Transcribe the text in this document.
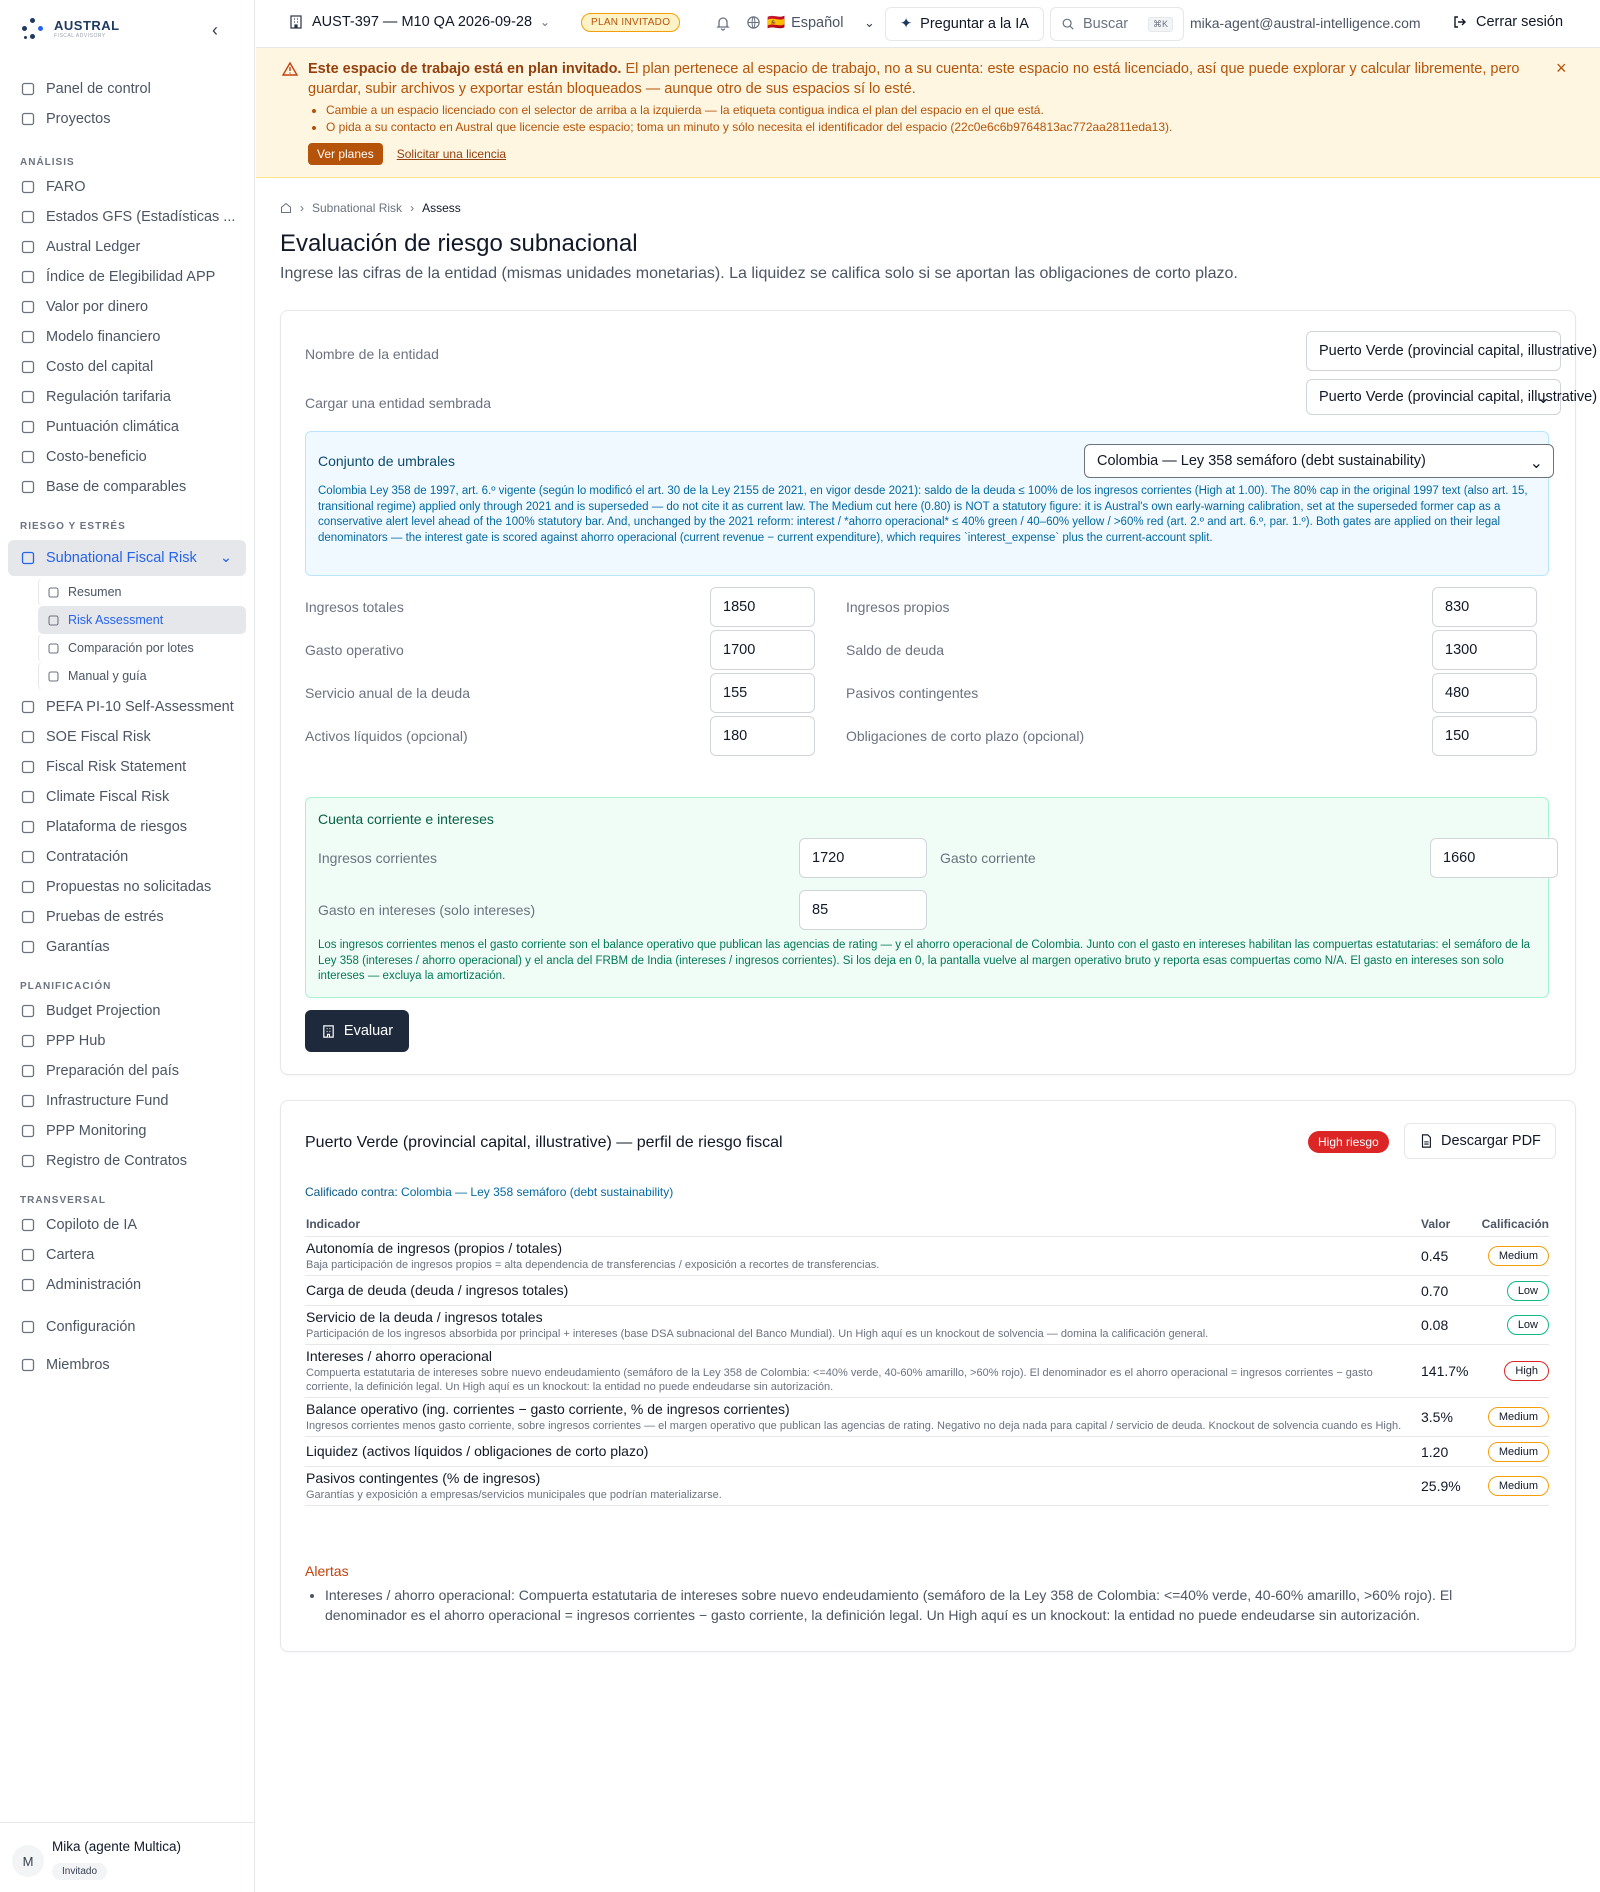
AUSTRAL
FISCAL ADVISORY	‹
Panel de control
Proyectos
ANÁLISIS
FARO
Estados GFS (Estadísticas ...
Austral Ledger
Índice de Elegibilidad APP
Valor por dinero
Modelo financiero
Costo del capital
Regulación tarifaria
Puntuación climática
Costo-beneficio
Base de comparables
RIESGO Y ESTRÉS
Subnational Fiscal Risk	⌄
Resumen
Risk Assessment
Comparación por lotes
Manual y guía
PEFA PI-10 Self-Assessment
SOE Fiscal Risk
Fiscal Risk Statement
Climate Fiscal Risk
Plataforma de riesgos
Contratación
Propuestas no solicitadas
Pruebas de estrés
Garantías
PLANIFICACIÓN
Budget Projection
PPP Hub
Preparación del país
Infrastructure Fund
PPP Monitoring
Registro de Contratos
TRANSVERSAL
Copiloto de IA
Cartera
Administración
Configuración
Miembros
M
Mika (agente Multica)
Invitado
AUST-397 — M10 QA 2026-09-28 ⌄	PLAN INVITADO	🇪🇸 Español ⌄ ✦ Preguntar a la IA	Buscar	⌘K	mika-agent@austral-intelligence.com	Cerrar sesión
Este espacio de trabajo está en plan invitado. El plan pertenece al espacio de trabajo, no a su cuenta: este espacio no está licenciado, así que puede explorar y calcular libremente, pero guardar, subir archivos y exportar están bloqueados — aunque otro de sus espacios sí lo esté.
• Cambie a un espacio licenciado con el selector de arriba a la izquierda — la etiqueta contigua indica el plan del espacio en el que está.
• O pida a su contacto en Austral que licencie este espacio; toma un minuto y sólo necesita el identificador del espacio (22c0e6c6b9764813ac772aa2811eda13).
Ver planes	Solicitar una licencia
×
› Subnational Risk › Assess
Evaluación de riesgo subnacional
Ingrese las cifras de la entidad (mismas unidades monetarias). La liquidez se califica solo si se aportan las obligaciones de corto plazo.
Nombre de la entidad	Puerto Verde (provincial capital, illustrative)
Cargar una entidad sembrada	Puerto Verde (provincial capital, illustrative) ⌄
Conjunto de umbrales	Colombia — Ley 358 semáforo (debt sustainability) ⌄
Colombia Ley 358 de 1997, art. 6.º vigente (según lo modificó el art. 30 de la Ley 2155 de 2021, en vigor desde 2021): saldo de la deuda ≤ 100% de los ingresos corrientes (High at 1.00). The 80% cap in the original 1997 text (also art. 15, transitional regime) applied only through 2021 and is superseded — do not cite it as current law. The Medium cut here (0.80) is NOT a statutory figure: it is Austral's own early-warning calibration, set at the superseded former cap as a conservative alert level ahead of the 100% statutory bar. And, unchanged by the 2021 reform: interest / *ahorro operacional* ≤ 40% green / 40–60% yellow / >60% red (art. 2.º and art. 6.º, par. 1.º). Both gates are applied on their legal denominators — the interest gate is scored against ahorro operacional (current revenue − current expenditure), which requires `interest_expense` plus the current-account split.
Ingresos totales	1850	Ingresos propios	830
Gasto operativo	1700	Saldo de deuda	1300
Servicio anual de la deuda	155	Pasivos contingentes	480
Activos líquidos (opcional)	180	Obligaciones de corto plazo (opcional)	150
Cuenta corriente e intereses
Ingresos corrientes	1720	Gasto corriente	1660
Gasto en intereses (solo intereses)	85
Los ingresos corrientes menos el gasto corriente son el balance operativo que publican las agencias de rating — y el ahorro operacional de Colombia. Junto con el gasto en intereses habilitan las compuertas estatutarias: el semáforo de la Ley 358 (intereses / ahorro operacional) y el ancla del FRBM de India (intereses / ingresos corrientes). Si los deja en 0, la pantalla vuelve al margen operativo bruto y reporta esas compuertas como N/A. El gasto en intereses son solo intereses — excluya la amortización.
Evaluar
Puerto Verde (provincial capital, illustrative) — perfil de riesgo fiscal	High riesgo	Descargar PDF
Calificado contra: Colombia — Ley 358 semáforo (debt sustainability)
Indicador	Valor	Calificación
Autonomía de ingresos (propios / totales)
Baja participación de ingresos propios = alta dependencia de transferencias / exposición a recortes de transferencias.
0.45	Medium
Carga de deuda (deuda / ingresos totales)	0.70	Low
Servicio de la deuda / ingresos totales
Participación de los ingresos absorbida por principal + intereses (base DSA subnacional del Banco Mundial). Un High aquí es un knockout de solvencia — domina la calificación general.
0.08	Low
Intereses / ahorro operacional
Compuerta estatutaria de intereses sobre nuevo endeudamiento (semáforo de la Ley 358 de Colombia: <=40% verde, 40-60% amarillo, >60% rojo). El denominador es el ahorro operacional = ingresos corrientes − gasto corriente, la definición legal. Un High aquí es un knockout: la entidad no puede endeudarse sin autorización.
141.7%	High
Balance operativo (ing. corrientes − gasto corriente, % de ingresos corrientes)
Ingresos corrientes menos gasto corriente, sobre ingresos corrientes — el margen operativo que publican las agencias de rating. Negativo no deja nada para capital / servicio de deuda. Knockout de solvencia cuando es High.
3.5%	Medium
Liquidez (activos líquidos / obligaciones de corto plazo)	1.20	Medium
Pasivos contingentes (% de ingresos)
Garantías y exposición a empresas/servicios municipales que podrían materializarse.
25.9%	Medium
Alertas
• Intereses / ahorro operacional: Compuerta estatutaria de intereses sobre nuevo endeudamiento (semáforo de la Ley 358 de Colombia: <=40% verde, 40-60% amarillo, >60% rojo). El denominador es el ahorro operacional = ingresos corrientes − gasto corriente, la definición legal. Un High aquí es un knockout: la entidad no puede endeudarse sin autorización.
